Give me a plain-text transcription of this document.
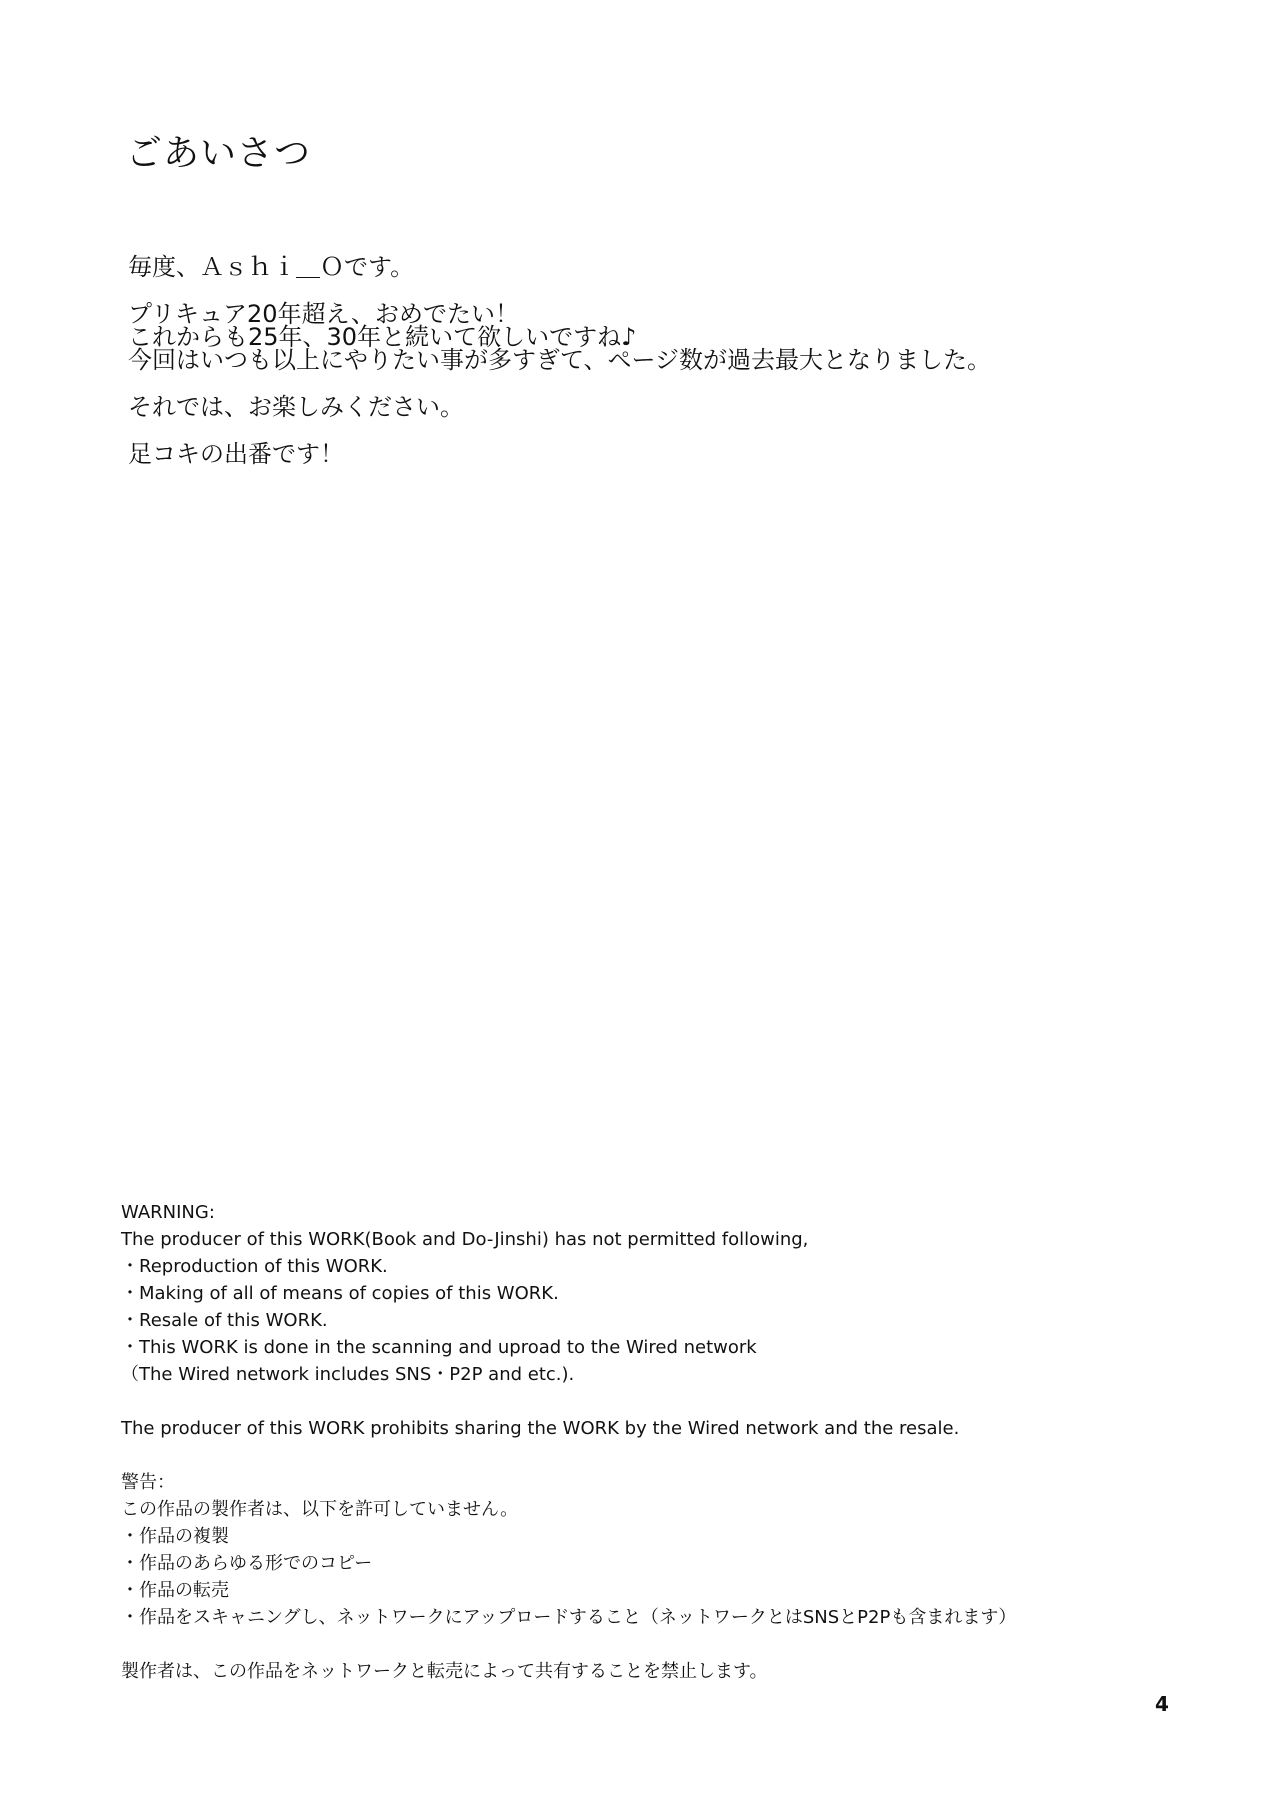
ごあいさつ

毎度、Ａｓｈｉ＿Ｏです。

プリキュア20年超え、おめでたい！
これからも25年、30年と続いて欲しいですね♪
今回はいつも以上にやりたい事が多すぎて、ページ数が過去最大となりました。

それでは、お楽しみください。

足コキの出番です！

WARNING:
The producer of this WORK(Book and Do-Jinshi) has not permitted following,
・Reproduction of this WORK.
・Making of all of means of copies of this WORK.
・Resale of this WORK.
・This WORK is done in the scanning and uproad to the Wired network
（The Wired network includes SNS・P2P and etc.).
The producer of this WORK prohibits sharing the WORK by the Wired network and the resale.
警告：
この作品の製作者は、以下を許可していません。
・作品の複製
・作品のあらゆる形でのコピー
・作品の転売
・作品をスキャニングし、ネットワークにアップロードすること（ネットワークとはSNSとP2Pも含まれます）
製作者は、この作品をネットワークと転売によって共有することを禁止します。
4
